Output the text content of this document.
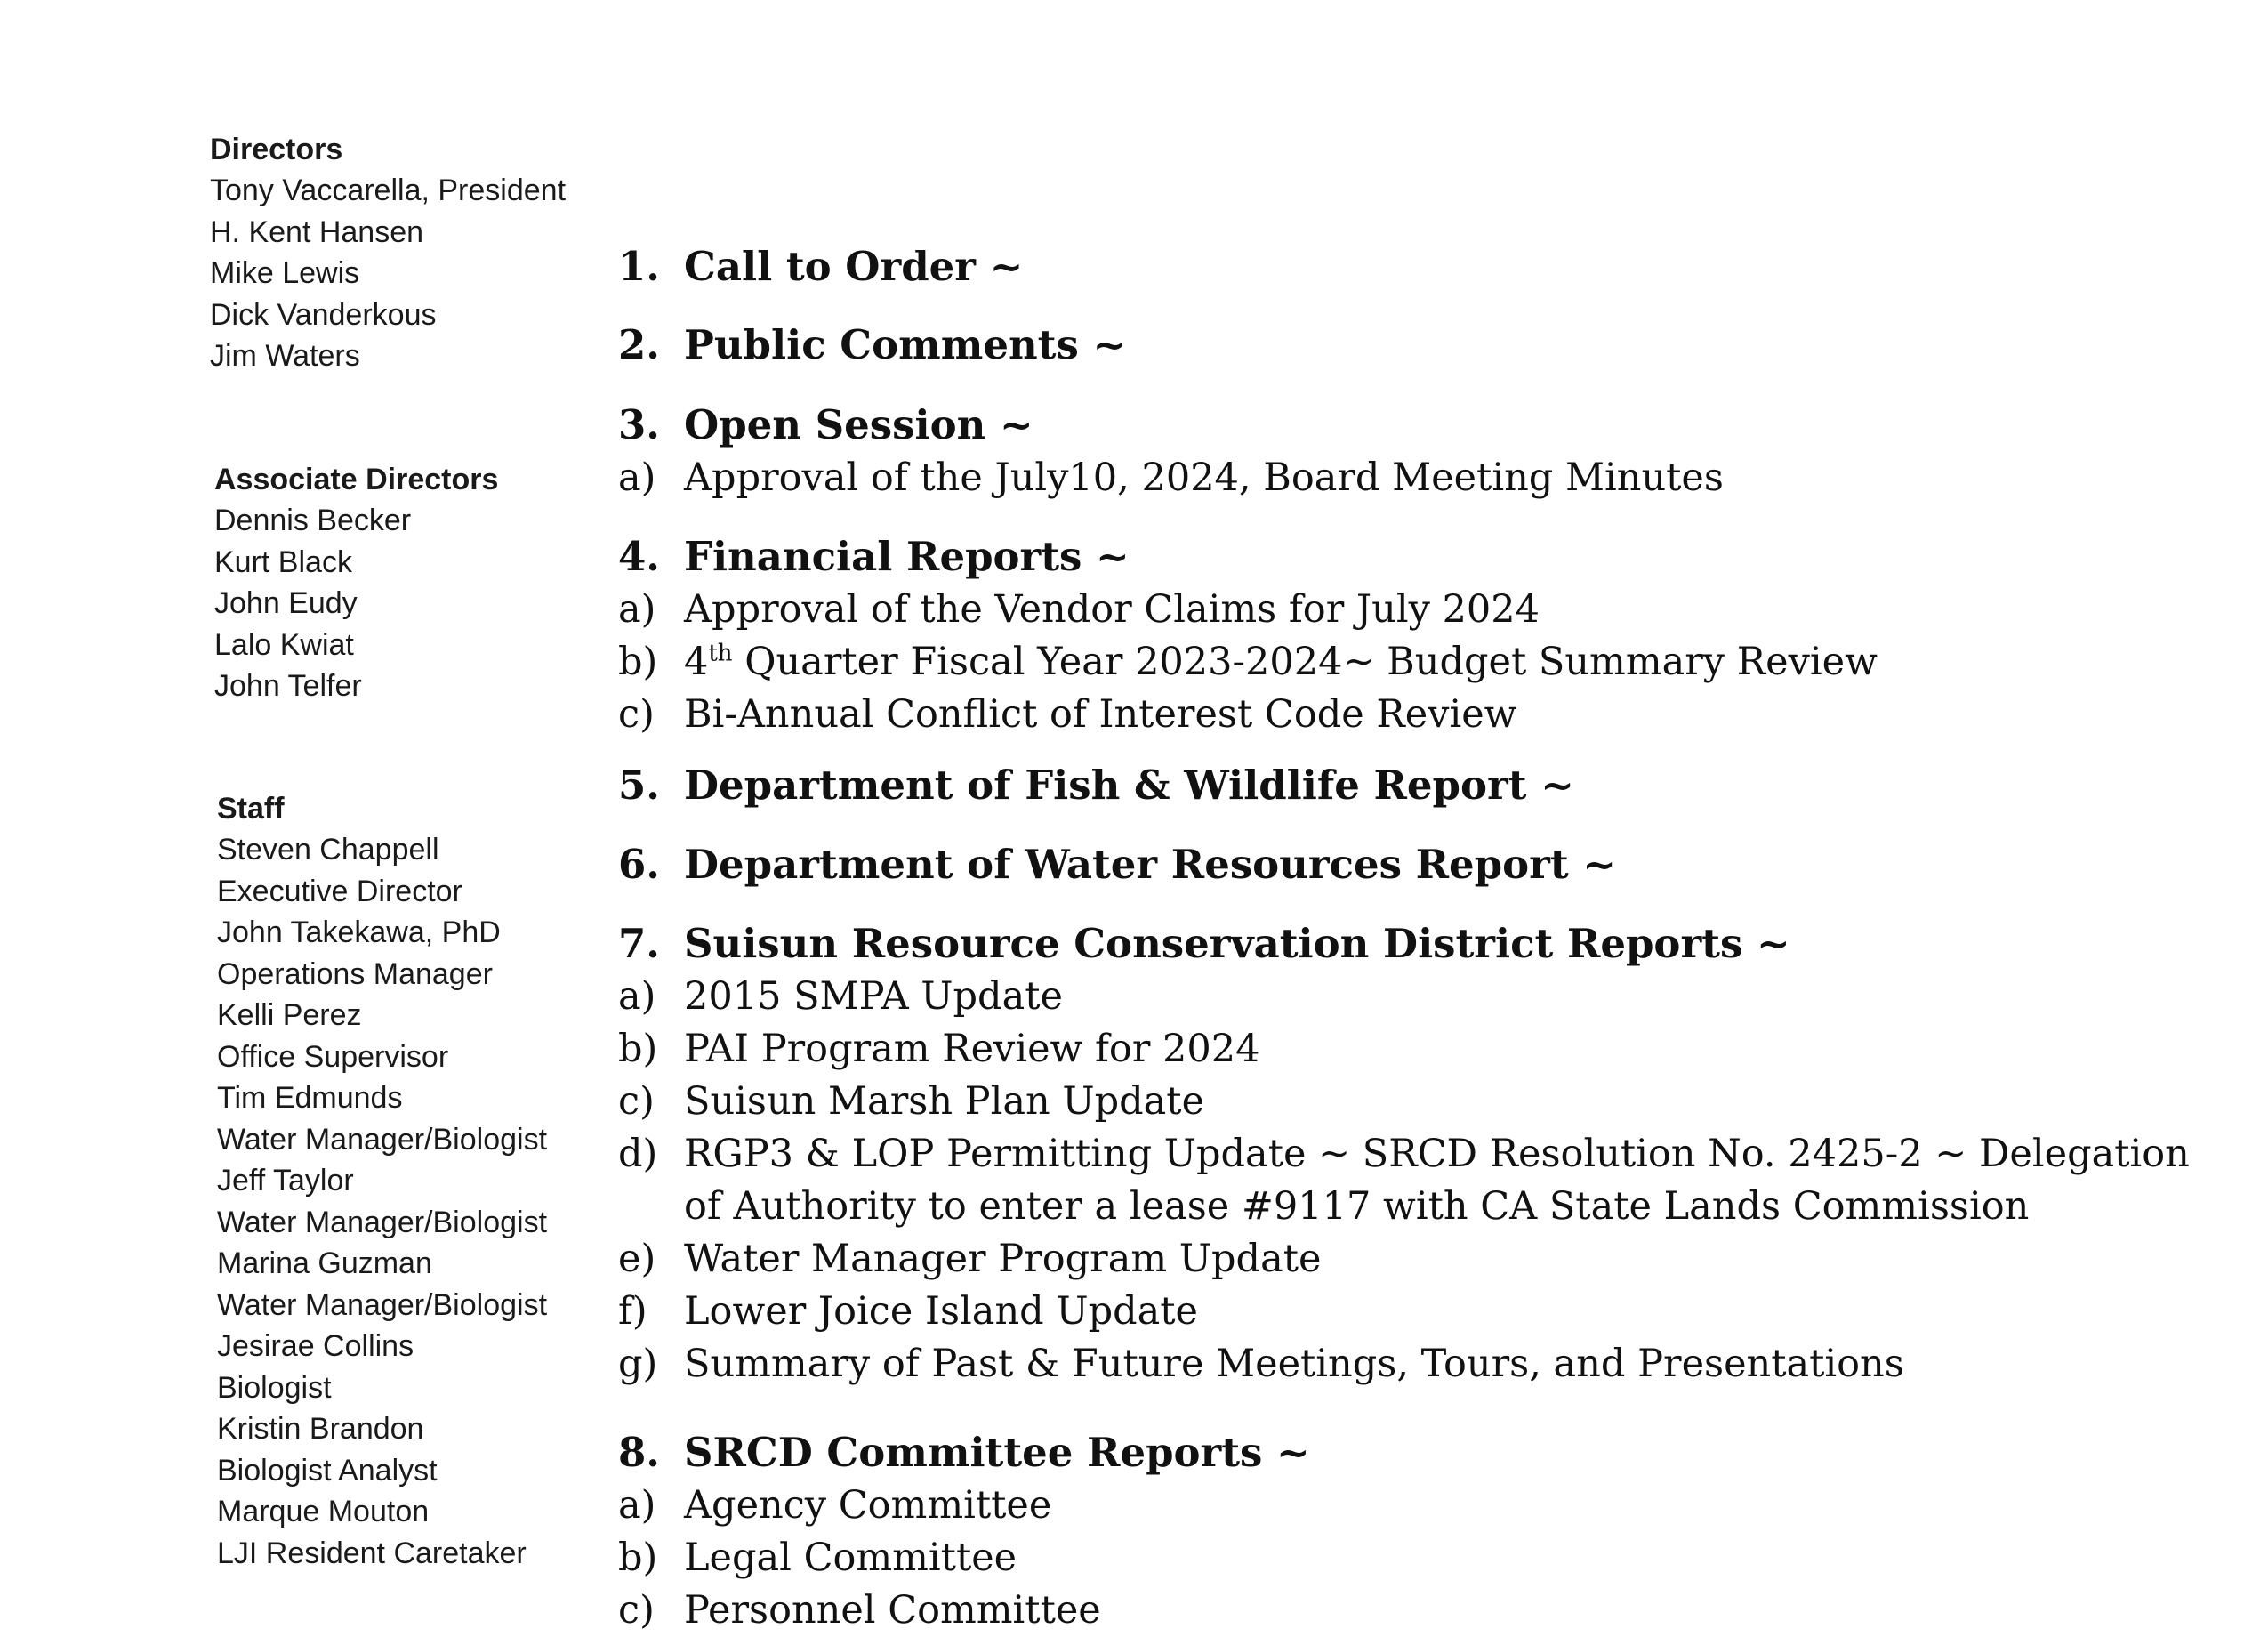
Directors
Tony Vaccarella, President
H. Kent Hansen
Mike Lewis
Dick Vanderkous
Jim Waters
Associate Directors
Dennis Becker
Kurt Black
John Eudy
Lalo Kwiat
John Telfer
Staff
Steven Chappell
Executive Director
John Takekawa, PhD
Operations Manager
Kelli Perez
Office Supervisor
Tim Edmunds
Water Manager/Biologist
Jeff Taylor
Water Manager/Biologist
Marina Guzman
Water Manager/Biologist
Jesirae Collins
Biologist
Kristin Brandon
Biologist Analyst
Marque Mouton
LJI Resident Caretaker
1. Call to Order ~
2. Public Comments ~
3. Open Session ~
a) Approval of the July10, 2024, Board Meeting Minutes
4. Financial Reports ~
a) Approval of the Vendor Claims for July 2024
b) 4th Quarter Fiscal Year 2023-2024~ Budget Summary Review
c) Bi-Annual Conflict of Interest Code Review
5. Department of Fish & Wildlife Report ~
6. Department of Water Resources Report ~
7. Suisun Resource Conservation District Reports ~
a) 2015 SMPA Update
b) PAI Program Review for 2024
c) Suisun Marsh Plan Update
d) RGP3 & LOP Permitting Update ~ SRCD Resolution No. 2425-2 ~ Delegation of Authority to enter a lease #9117 with CA State Lands Commission
e) Water Manager Program Update
f) Lower Joice Island Update
g) Summary of Past & Future Meetings, Tours, and Presentations
8. SRCD Committee Reports ~
a) Agency Committee
b) Legal Committee
c) Personnel Committee
